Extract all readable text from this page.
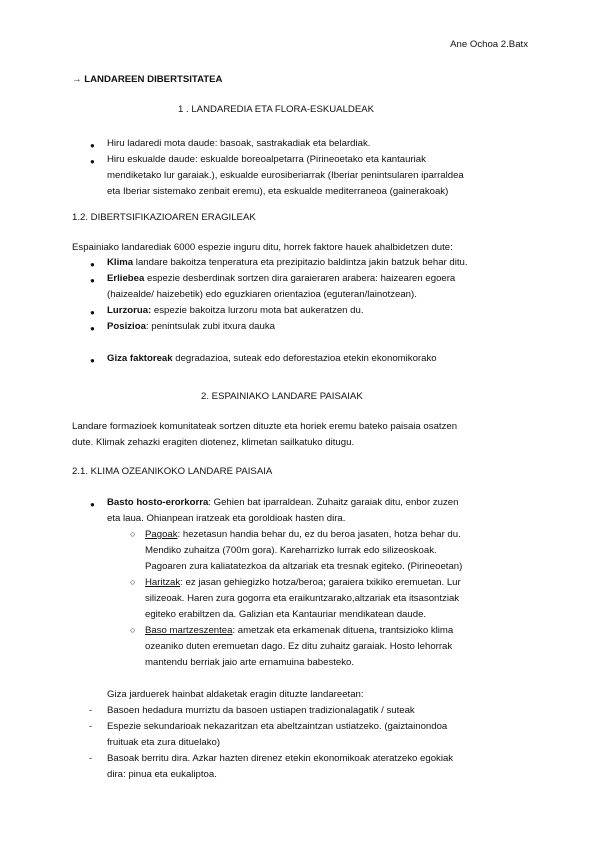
Ane Ochoa 2.Batx
→ LANDAREEN DIBERTSITATEA
1 . LANDAREDIA ETA FLORA-ESKUALDEAK
● Hiru ladaredi mota daude: basoak, sastrakadiak eta belardiak.
● Hiru eskualde daude: eskualde boreoalpetarra (Pirineoetako eta kantauriak
mendiketako lur garaiak.), eskualde eurosiberiarrak (Iberiar penintsularen iparraldea
eta Iberiar sistemako zenbait eremu), eta eskualde mediterraneoa (gainerakoak)
1.2. DIBERTSIFIKAZIOAREN ERAGILEAK
Espainiako landarediak 6000 espezie inguru ditu, horrek faktore hauek ahalbidetzen dute:
● Klima landare bakoitza tenperatura eta prezipitazio baldintza jakin batzuk behar ditu.
● Erliebea espezie desberdinak sortzen dira garaieraren arabera: haizearen egoera
(haizealde/ haizebetik) edo eguzkiaren orientazioa (eguteran/lainotzean).
● Lurzorua: espezie bakoitza lurzoru mota bat aukeratzen du.
● Posizioa: penintsulak zubi itxura dauka
● Giza faktoreak degradazioa, suteak edo deforestazioa etekin ekonomikorako
2. ESPAINIAKO LANDARE PAISAIAK
Landare formazioek komunitateak sortzen dituzte eta horiek eremu bateko paisaia osatzen
dute. Klimak zehazki eragiten diotenez, klimetan sailkatuko ditugu.
2.1. KLIMA OZEANIKOKO LANDARE PAISAIA
● Basto hosto-erorkorra: Gehien bat iparraldean. Zuhaitz garaiak ditu, enbor zuzen
eta laua. Ohianpean iratzeak eta goroldioak hasten dira.
○ Pagoak: hezetasun handia behar du, ez du beroa jasaten, hotza behar du.
Mendiko zuhaitza (700m gora). Kareharrizko lurrak edo silizeoskoak.
Pagoaren zura kaliatatezkoa da altzariak eta tresnak egiteko. (Pirineoetan)
○ Haritzak: ez jasan gehiegizko hotza/beroa; garaiera txikiko eremuetan. Lur
silizeoak. Haren zura gogorra eta eraikuntzarako,altzariak eta itsasontziak
egiteko erabiltzen da. Galizian eta Kantauriar mendikatean daude.
○ Baso martzeszentea: ametzak eta erkamenak dituena, trantsizioko klima
ozeaniko duten eremuetan dago. Ez ditu zuhaitz garaiak. Hosto lehorrak
mantendu berriak jaio arte ernamuina babesteko.
Giza jarduerek hainbat aldaketak eragin dituzte landareetan:
- Basoen hedadura murriztu da basoen ustiapen tradizionalagatik / suteak
- Espezie sekundarioak nekazaritzan eta abeltzaintzan ustiatzeko. (gaiztainondoa
fruituak eta zura dituelako)
- Basoak berritu dira. Azkar hazten direnez etekin ekonomikoak ateratzeko egokiak
dira: pinua eta eukaliptoa.
